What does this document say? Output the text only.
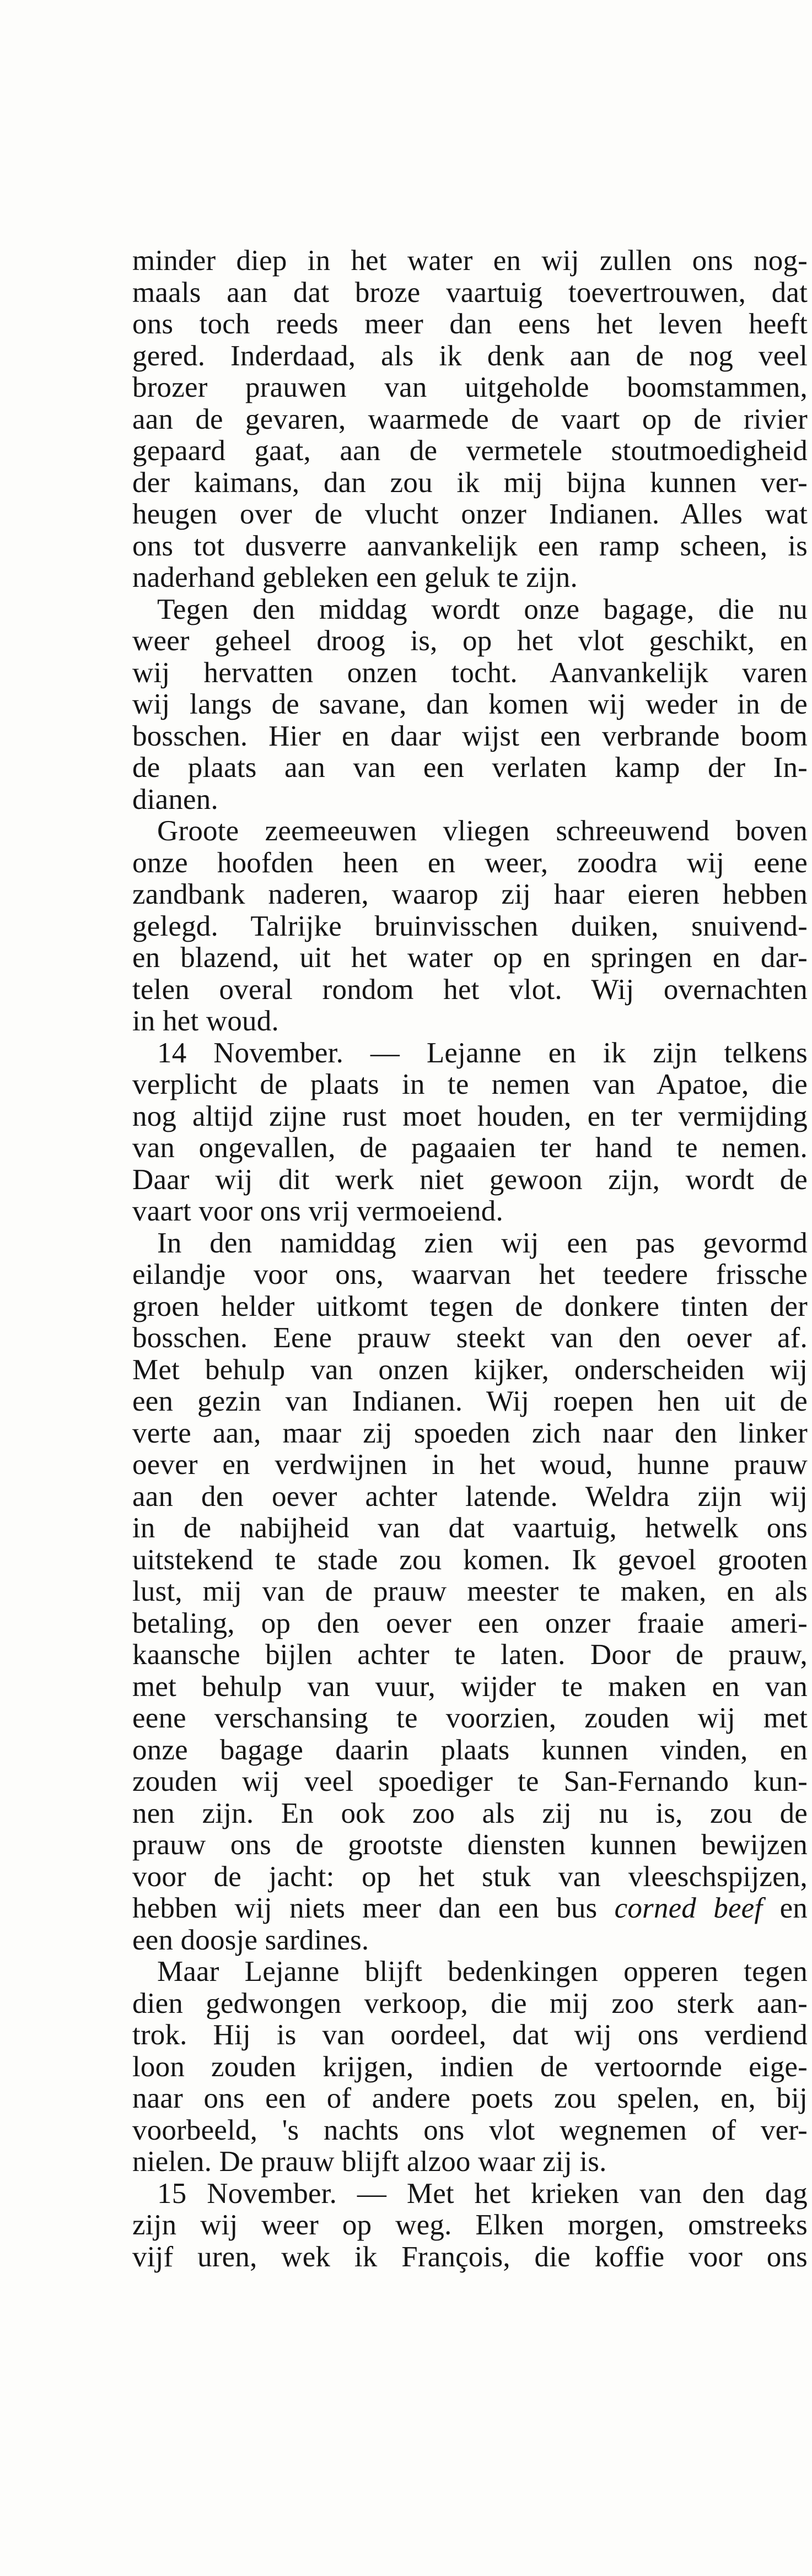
minder diep in het water en wij zullen ons nog-
maals aan dat broze vaartuig toevertrouwen, dat
ons toch reeds meer dan eens het leven heeft
gered. Inderdaad, als ik denk aan de nog veel
brozer prauwen van uitgeholde boomstammen,
aan de gevaren, waarmede de vaart op de rivier
gepaard gaat, aan de vermetele stoutmoedigheid
der kaimans, dan zou ik mij bijna kunnen ver-
heugen over de vlucht onzer Indianen. Alles wat
ons tot dusverre aanvankelijk een ramp scheen, is
naderhand gebleken een geluk te zijn.
Tegen den middag wordt onze bagage, die nu
weer geheel droog is, op het vlot geschikt, en
wij hervatten onzen tocht. Aanvankelijk varen
wij langs de savane, dan komen wij weder in de
bosschen. Hier en daar wijst een verbrande boom
de plaats aan van een verlaten kamp der In-
dianen.
Groote zeemeeuwen vliegen schreeuwend boven
onze hoofden heen en weer, zoodra wij eene
zandbank naderen, waarop zij haar eieren hebben
gelegd. Talrijke bruinvisschen duiken, snuivend-
en blazend, uit het water op en springen en dar-
telen overal rondom het vlot. Wij overnachten
in het woud.
14 November. — Lejanne en ik zijn telkens
verplicht de plaats in te nemen van Apatoe, die
nog altijd zijne rust moet houden, en ter vermijding
van ongevallen, de pagaaien ter hand te nemen.
Daar wij dit werk niet gewoon zijn, wordt de
vaart voor ons vrij vermoeiend.
In den namiddag zien wij een pas gevormd
eilandje voor ons, waarvan het teedere frissche
groen helder uitkomt tegen de donkere tinten der
bosschen. Eene prauw steekt van den oever af.
Met behulp van onzen kijker, onderscheiden wij
een gezin van Indianen. Wij roepen hen uit de
verte aan, maar zij spoeden zich naar den linker
oever en verdwijnen in het woud, hunne prauw
aan den oever achter latende. Weldra zijn wij
in de nabijheid van dat vaartuig, hetwelk ons
uitstekend te stade zou komen. Ik gevoel grooten
lust, mij van de prauw meester te maken, en als
betaling, op den oever een onzer fraaie ameri-
kaansche bijlen achter te laten. Door de prauw,
met behulp van vuur, wijder te maken en van
eene verschansing te voorzien, zouden wij met
onze bagage daarin plaats kunnen vinden, en
zouden wij veel spoediger te San-Fernando kun-
nen zijn. En ook zoo als zij nu is, zou de
prauw ons de grootste diensten kunnen bewijzen
voor de jacht: op het stuk van vleeschspijzen,
hebben wij niets meer dan een bus corned beef en
een doosje sardines.
Maar Lejanne blijft bedenkingen opperen tegen
dien gedwongen verkoop, die mij zoo sterk aan-
trok. Hij is van oordeel, dat wij ons verdiend
loon zouden krijgen, indien de vertoornde eige-
naar ons een of andere poets zou spelen, en, bij
voorbeeld, 's nachts ons vlot wegnemen of ver-
nielen. De prauw blijft alzoo waar zij is.
15 November. — Met het krieken van den dag
zijn wij weer op weg. Elken morgen, omstreeks
vijf uren, wek ik François, die koffie voor ons
